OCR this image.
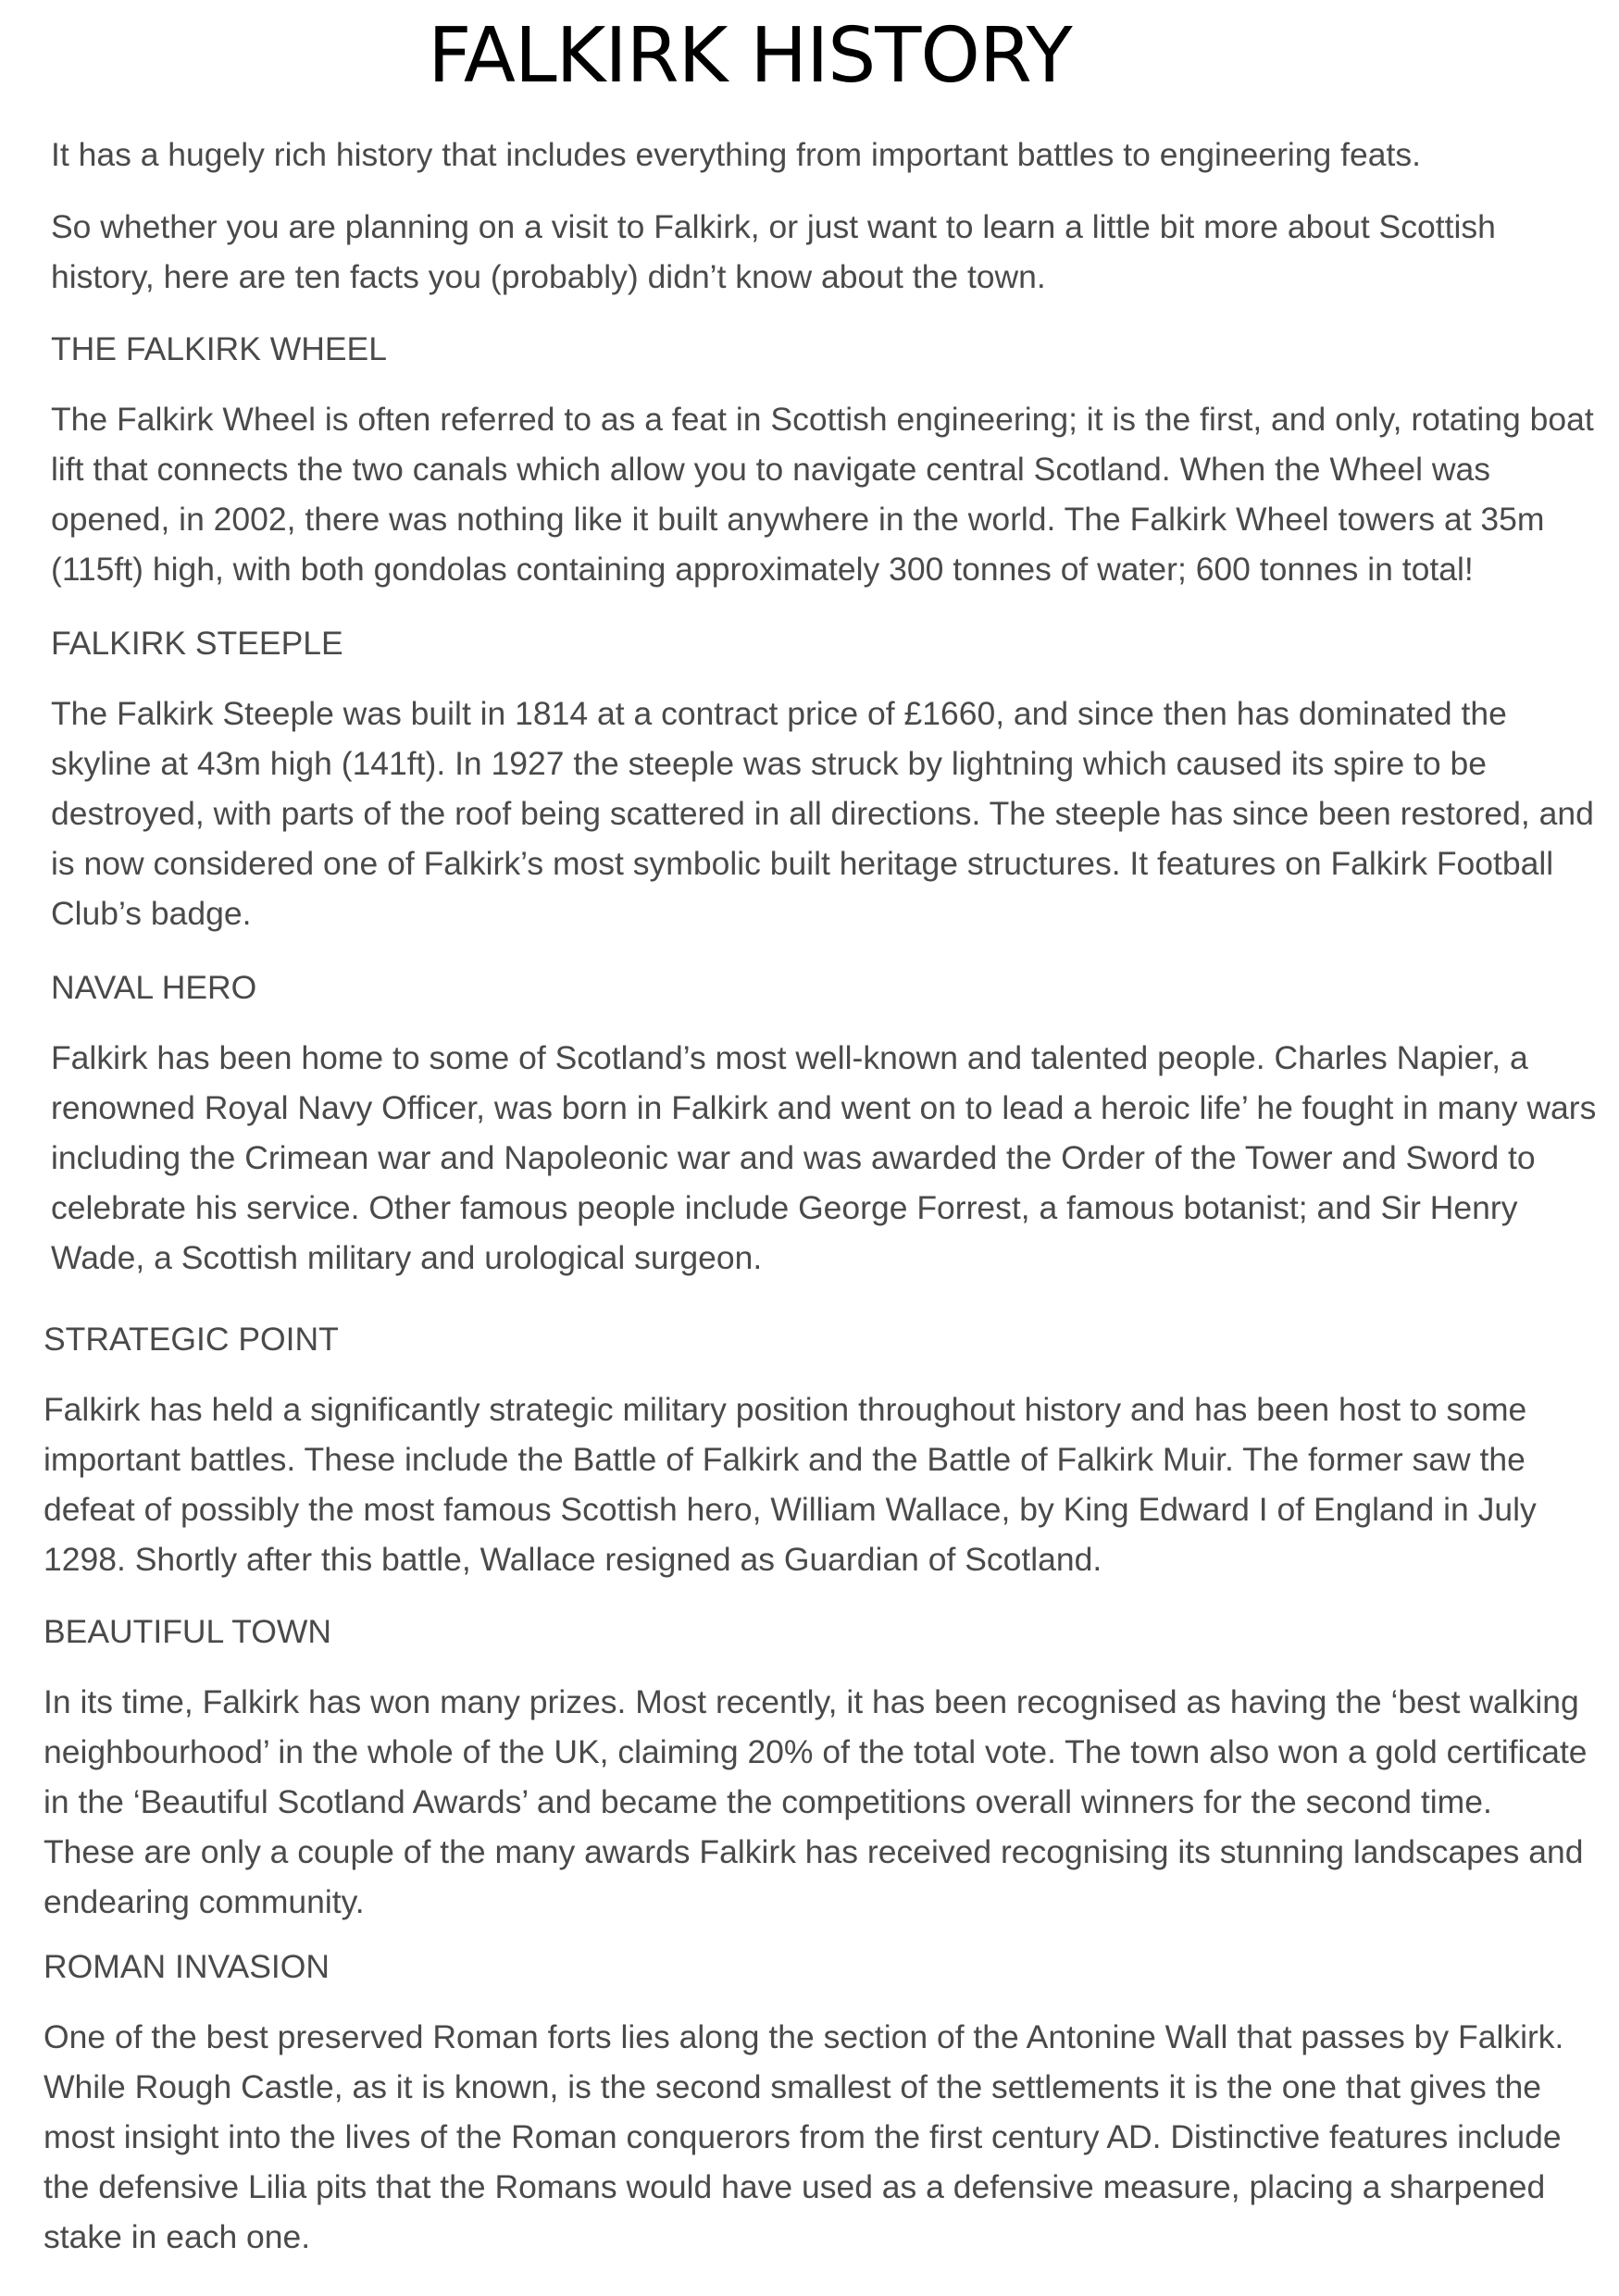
FALKIRK HISTORY

It has a hugely rich history that includes everything from important battles to engineering feats.

So whether you are planning on a visit to Falkirk, or just want to learn a little bit more about Scottish history, here are ten facts you (probably) didn’t know about the town.

THE FALKIRK WHEEL

The Falkirk Wheel is often referred to as a feat in Scottish engineering; it is the first, and only, rotating boat lift that connects the two canals which allow you to navigate central Scotland. When the Wheel was opened, in 2002, there was nothing like it built anywhere in the world. The Falkirk Wheel towers at 35m (115ft) high, with both gondolas containing approximately 300 tonnes of water; 600 tonnes in total!

FALKIRK STEEPLE

The Falkirk Steeple was built in 1814 at a contract price of £1660, and since then has dominated the skyline at 43m high (141ft). In 1927 the steeple was struck by lightning which caused its spire to be destroyed, with parts of the roof being scattered in all directions. The steeple has since been restored, and is now considered one of Falkirk’s most symbolic built heritage structures. It features on Falkirk Football Club’s badge.

NAVAL HERO

Falkirk has been home to some of Scotland’s most well-known and talented people. Charles Napier, a renowned Royal Navy Officer, was born in Falkirk and went on to lead a heroic life’ he fought in many wars including the Crimean war and Napoleonic war and was awarded the Order of the Tower and Sword to celebrate his service. Other famous people include George Forrest, a famous botanist; and Sir Henry Wade, a Scottish military and urological surgeon.

STRATEGIC POINT

Falkirk has held a significantly strategic military position throughout history and has been host to some important battles. These include the Battle of Falkirk and the Battle of Falkirk Muir. The former saw the defeat of possibly the most famous Scottish hero, William Wallace, by King Edward I of England in July 1298. Shortly after this battle, Wallace resigned as Guardian of Scotland.

BEAUTIFUL TOWN

In its time, Falkirk has won many prizes. Most recently, it has been recognised as having the ‘best walking neighbourhood’ in the whole of the UK, claiming 20% of the total vote. The town also won a gold certificate in the ‘Beautiful Scotland Awards’ and became the competitions overall winners for the second time. These are only a couple of the many awards Falkirk has received recognising its stunning landscapes and endearing community.

ROMAN INVASION

One of the best preserved Roman forts lies along the section of the Antonine Wall that passes by Falkirk. While Rough Castle, as it is known, is the second smallest of the settlements it is the one that gives the most insight into the lives of the Roman conquerors from the first century AD. Distinctive features include the defensive Lilia pits that the Romans would have used as a defensive measure, placing a sharpened stake in each one.
